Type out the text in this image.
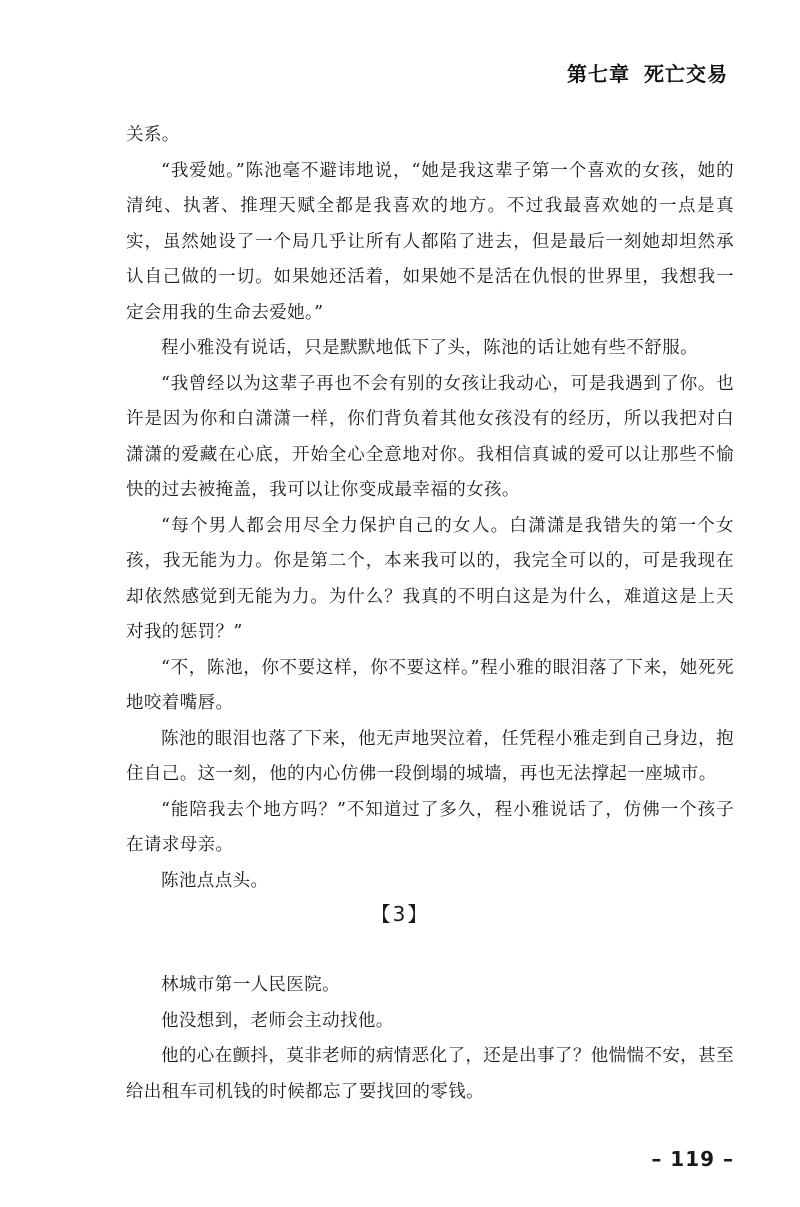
第七章 死亡交易

关系。

“我爱她。”陈池毫不避讳地说，“她是我这辈子第一个喜欢的女孩，她的清纯、执著、推理天赋全都是我喜欢的地方。不过我最喜欢她的一点是真实，虽然她设了一个局几乎让所有人都陷了进去，但是最后一刻她却坦然承认自己做的一切。如果她还活着，如果她不是活在仇恨的世界里，我想我一定会用我的生命去爱她。”

程小雅没有说话，只是默默地低下了头，陈池的话让她有些不舒服。

“我曾经以为这辈子再也不会有别的女孩让我动心，可是我遇到了你。也许是因为你和白潇潇一样，你们背负着其他女孩没有的经历，所以我把对白潇潇的爱藏在心底，开始全心全意地对你。我相信真诚的爱可以让那些不愉快的过去被掩盖，我可以让你变成最幸福的女孩。

“每个男人都会用尽全力保护自己的女人。白潇潇是我错失的第一个女孩，我无能为力。你是第二个，本来我可以的，我完全可以的，可是我现在却依然感觉到无能为力。为什么？我真的不明白这是为什么，难道这是上天对我的惩罚？”

“不，陈池，你不要这样，你不要这样。”程小雅的眼泪落了下来，她死死地咬着嘴唇。

陈池的眼泪也落了下来，他无声地哭泣着，任凭程小雅走到自己身边，抱住自己。这一刻，他的内心仿佛一段倒塌的城墙，再也无法撑起一座城市。

“能陪我去个地方吗？”不知道过了多久，程小雅说话了，仿佛一个孩子在请求母亲。

陈池点点头。

【3】

林城市第一人民医院。

他没想到，老师会主动找他。

他的心在颤抖，莫非老师的病情恶化了，还是出事了？他惴惴不安，甚至给出租车司机钱的时候都忘了要找回的零钱。

– 119 –
